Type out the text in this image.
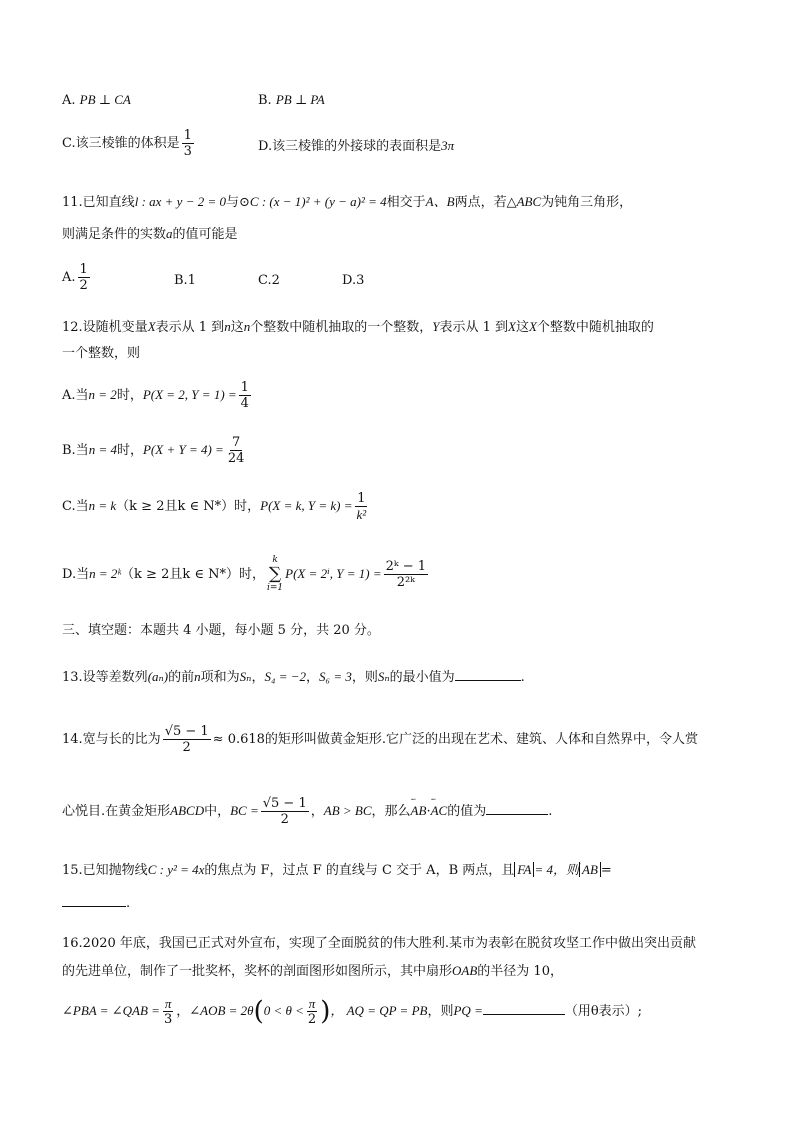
A. PB ⊥ CA	B. PB ⊥ PA
C.该三棱锥的体积是 $\frac{1}{3}$	D.该三棱锥的外接球的表面积是3π
11.已知直线l : ax + y − 2 = 0与⊙C : (x − 1)² + (y − a)² = 4相交于A、B两点，若△ABC为钝角三角形，
则满足条件的实数a的值可能是
A. $\frac{1}{2}$	B.1	C.2	D.3
12.设随机变量X表示从 1 到n这n个整数中随机抽取的一个整数，Y表示从 1 到X这X个整数中随机抽取的
一个整数，则
A.当n = 2时，P(X = 2, $Y = 1) = \frac{1}{4}$
B.当n = 4时，$P(X + Y = 4) = \frac{7}{24}$
C.当n = k（k ≥ 2且k ∈ N*）时，P(X = k, $Y = k) = \frac{1}{\text{k²}}$
D.当n = 2ᵏ（k ≥ 2且k ∈ N*）时，
k
∑
i=1
P(X = 2ⁱ, $Y = 1) = \frac{\text{2ᵏ − 1}}{\text{2²ᵏ}}$
三、填空题：本题共 4 小题，每小题 5 分，共 20 分。
13.设等差数列(aₙ)的前n项和为Sₙ，S₄ = −2，S₆ = 3，则Sₙ的最小值为	.
14.宽与长的比为 $\frac{√5 - 1}{2} \approx 0.618$的矩形叫做黄金矩形.它广泛的出现在艺术、建筑、人体和自然界中，令人赏
心悦目.在黄金矩形ABCD中，BC = $\frac{√5 - 1}{2}$ ，AB > BC，那么ᵕᵕᵕ AB·ᵕᵕᵕ AC的值为	.
15.已知抛物线C : y² = 4x的焦点为 F，过点 F 的直线与 C 交于 A，B 两点，且 FA = 4，则 AB =
.
16.2020 年底，我国已正式对外宣布，实现了全面脱贫的伟大胜利.某市为表彰在脱贫攻坚工作中做出突出贡献
的先进单位，制作了一批奖杯，奖杯的剖面图形如图所示，其中扇形OAB的半径为 10，
∠PBA = ∠QAB = $\frac{\pi}{3}$ ，∠AOB = $2\theta(0 < \theta < \frac{\pi}{2}$ )， AQ = QP = PB，则PQ =	（用θ表示）;
